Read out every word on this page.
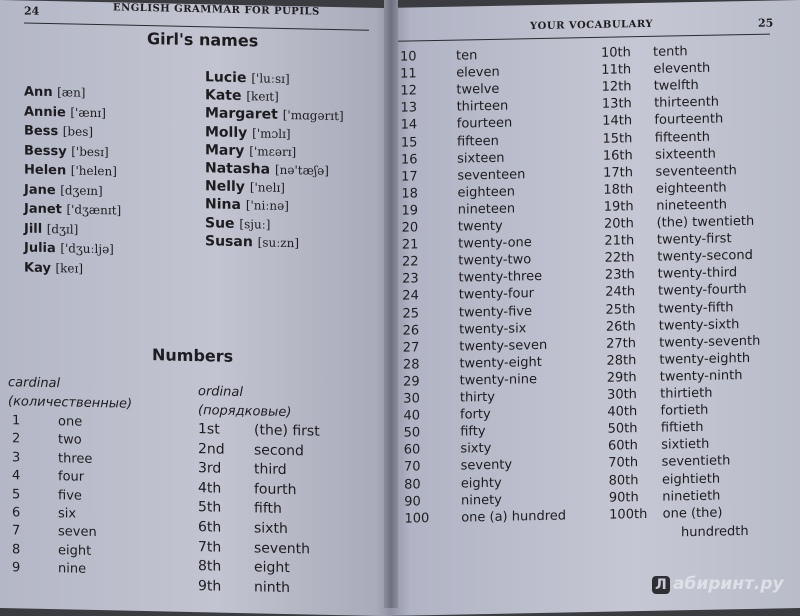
24	ENGLISH GRAMMAR FOR PUPILS
Girl's names
Ann [æn]
Annie ['ænɪ]
Bess [bes]
Bessy ['besɪ]
Helen ['helen]
Jane [dʒeɪn]
Janet ['dʒænɪt]
Jill [dʒɪl]
Julia ['dʒuːljə]
Kay [keɪ]
Lucie ['luːsɪ]
Kate [keɪt]
Margaret ['mɑgərɪt]
Molly ['mɔlɪ]
Mary ['mɛərɪ]
Natasha [nə'tæʃə]
Nelly ['nelɪ]
Nina ['niːnə]
Sue [sjuː]
Susan [suːzn]
Numbers
cardinal
(количественные)
ordinal
(порядковые)
1	one
2	two
3	three
4	four
5	five
6	six
7	seven
8	eight
9	nine
1st (the) first
2nd second
3rd third
4th fourth
5th fifth
6th sixth
7th seventh
8th eight
9th ninth
YOUR VOCABULARY	25
10	ten	10th tenth
11	eleven	11th eleventh
12	twelve	12th twelfth
13	thirteen	13th thirteenth
14	fourteen	14th fourteenth
15	fifteen	15th fifteenth
16	sixteen	16th sixteenth
17	seventeen	17th seventeenth
18	eighteen	18th eighteenth
19	nineteen	19th nineteenth
20	twenty	20th (the) twentieth
21	twenty-one	21th twenty-first
22	twenty-two	22th twenty-second
23	twenty-three	23th twenty-third
24	twenty-four	24th twenty-fourth
25	twenty-five	25th twenty-fifth
26	twenty-six	26th twenty-sixth
27	twenty-seven	27th twenty-seventh
28	twenty-eight	28th twenty-eighth
29	twenty-nine	29th twenty-ninth
30	thirty	30th thirtieth
40	forty	40th fortieth
50	fifty	50th fiftieth
60	sixty	60th sixtieth
70	seventy	70th seventieth
80	eighty	80th eightieth
90	ninety	90th ninetieth
100 one (a) hundred	100th one (the)
hundredth
Л абиринт.ру
